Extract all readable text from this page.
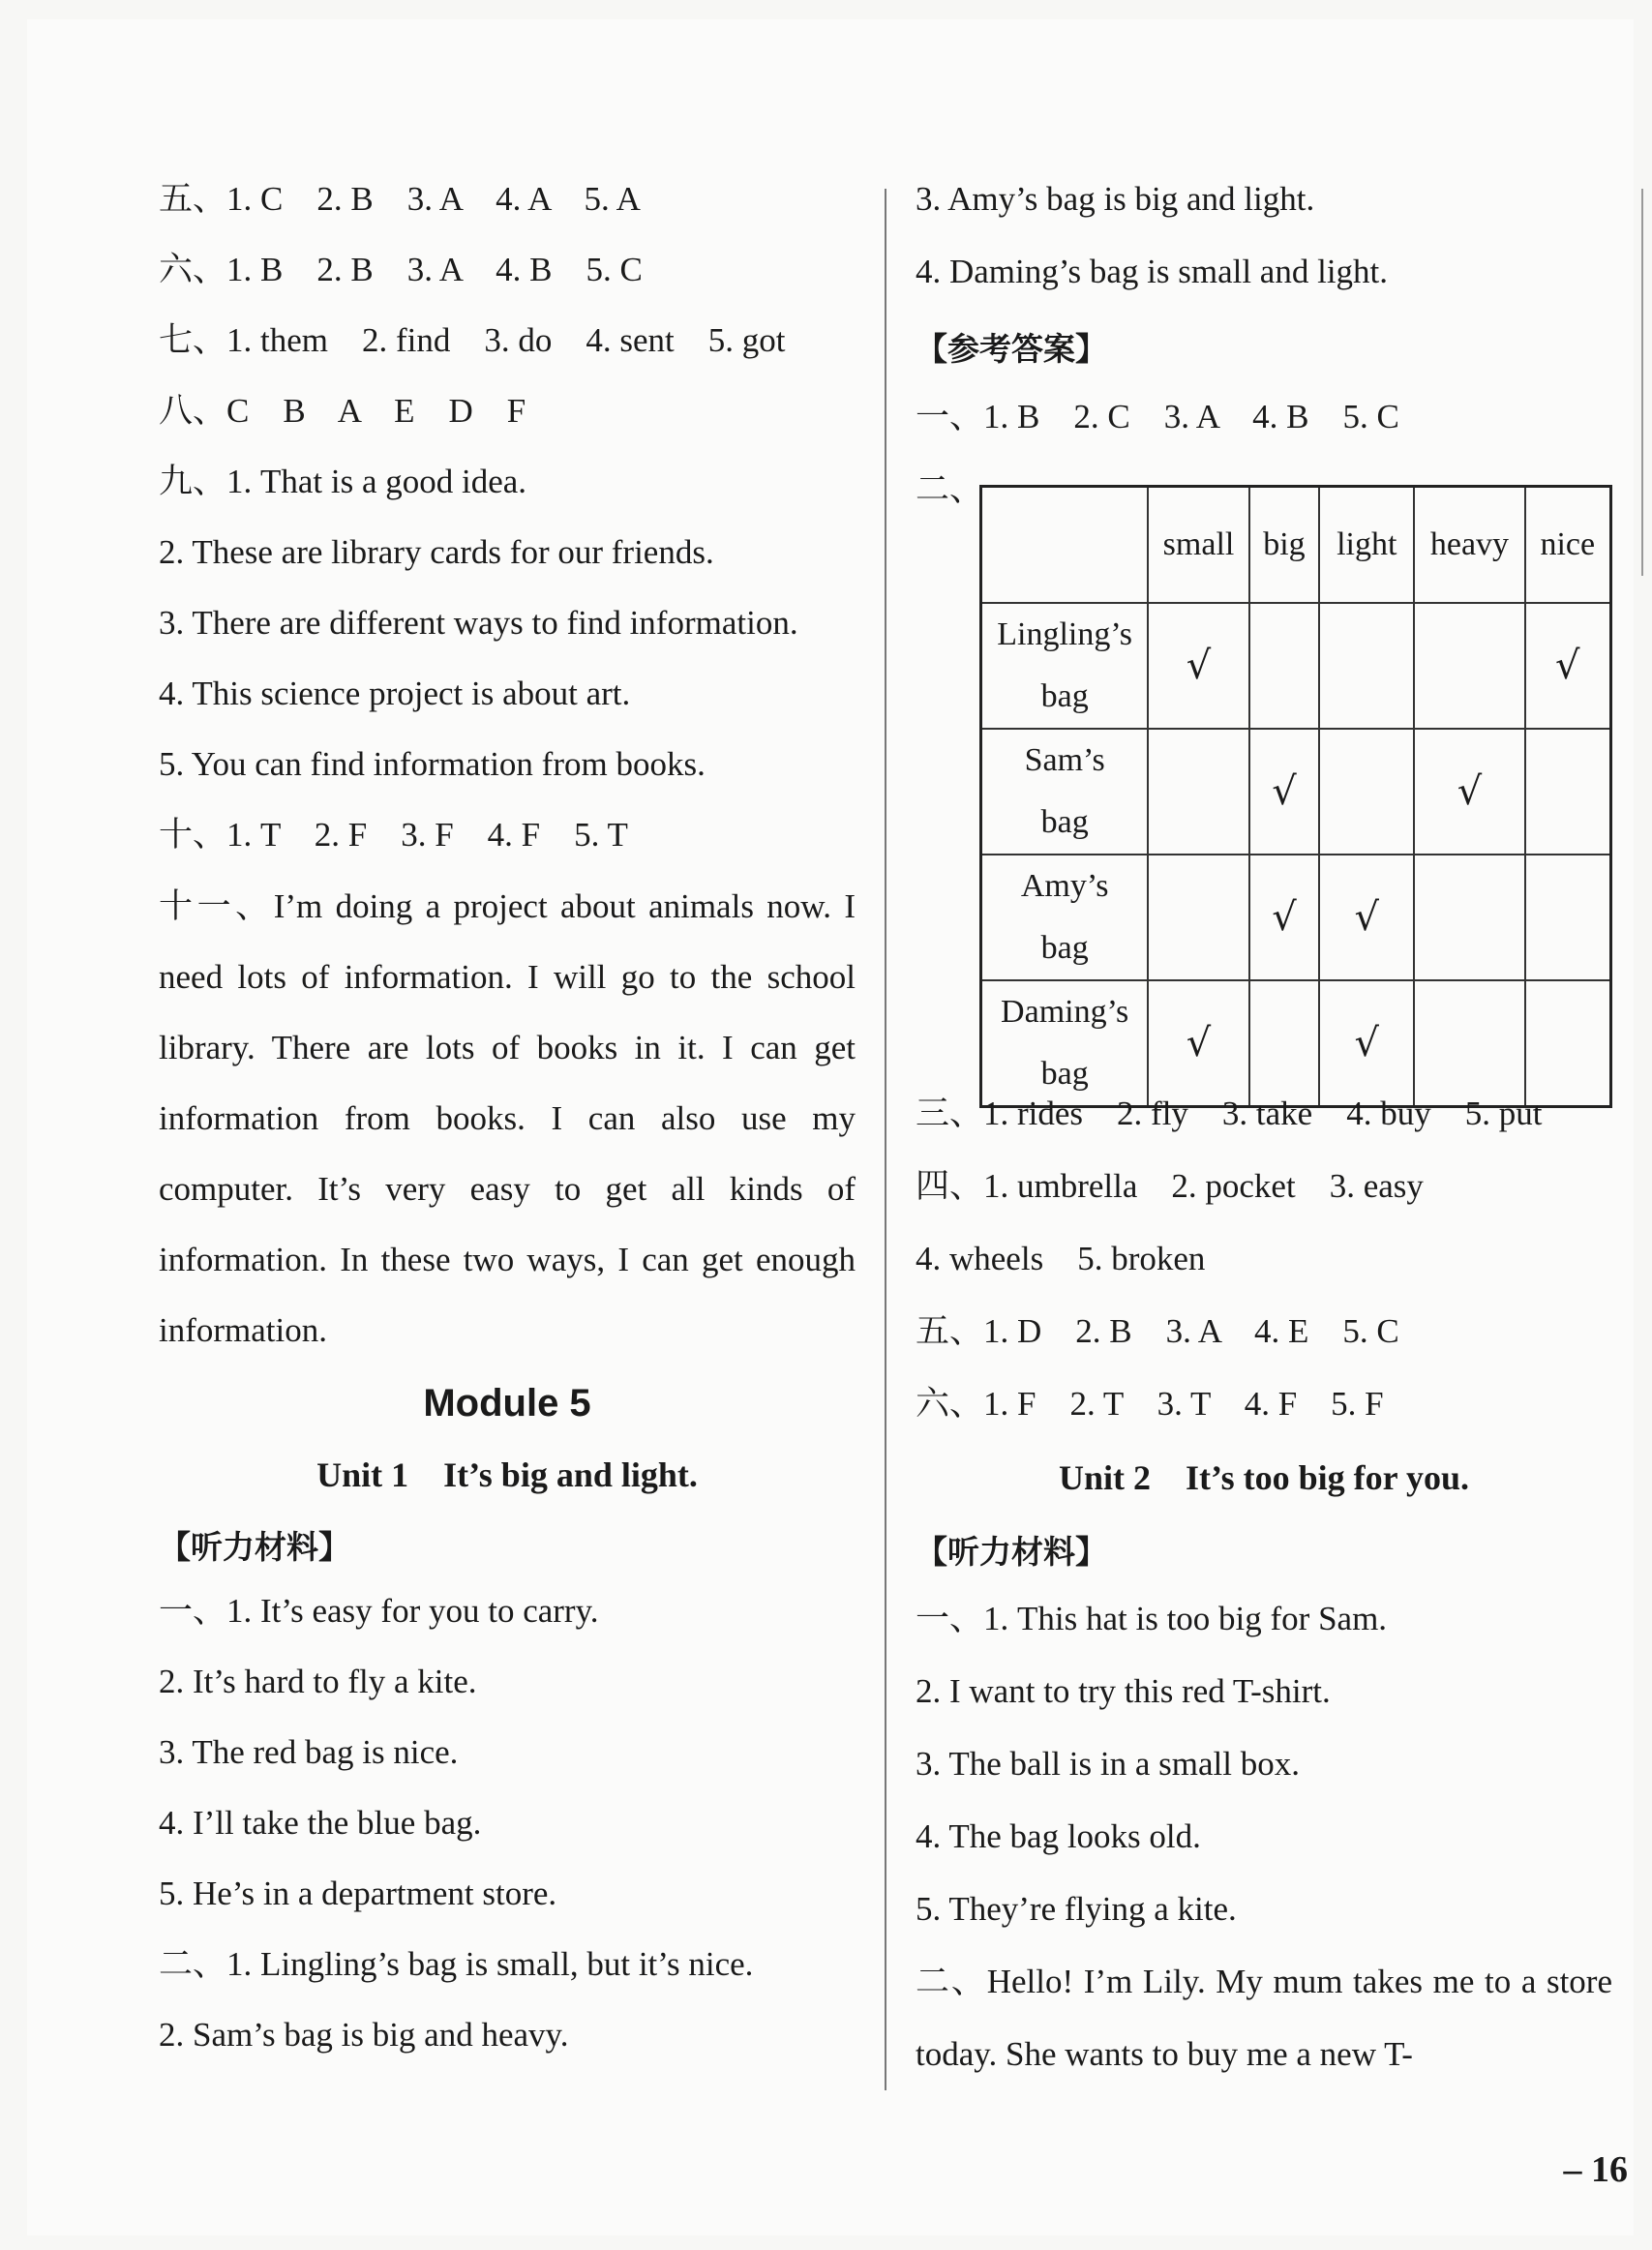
五、1. C    2. B    3. A    4. A    5. A
六、1. B    2. B    3. A    4. B    5. C
七、1. them    2. find    3. do    4. sent    5. got
八、C    B    A    E    D    F
九、1. That is a good idea.
2. These are library cards for our friends.
3. There are different ways to find information.
4. This science project is about art.
5. You can find information from books.
十、1. T    2. F    3. F    4. F    5. T
十一、I’m doing a project about animals now. I need lots of information. I will go to the school library. There are lots of books in it. I can get information from books. I can also use my computer. It’s very easy to get all kinds of information. In these two ways, I can get enough information.
Module 5
Unit 1    It’s big and light.
【听力材料】
一、1. It’s easy for you to carry.
2. It’s hard to fly a kite.
3. The red bag is nice.
4. I’ll take the blue bag.
5. He’s in a department store.
二、1. Lingling’s bag is small, but it’s nice.
2. Sam’s bag is big and heavy.
3. Amy’s bag is big and light.
4. Daming’s bag is small and light.
【参考答案】
一、1. B    2. C    3. A    4. B    5. C
二、
	small	big	light	heavy	nice
Lingling’s
bag	√				√
Sam’s
bag		√		√	
Amy’s
bag		√	√		
Daming’s
bag	√		√		
三、1. rides    2. fly    3. take    4. buy    5. put
四、1. umbrella    2. pocket    3. easy
4. wheels    5. broken
五、1. D    2. B    3. A    4. E    5. C
六、1. F    2. T    3. T    4. F    5. F
Unit 2    It’s too big for you.
【听力材料】
一、1. This hat is too big for Sam.
2. I want to try this red T-shirt.
3. The ball is in a small box.
4. The bag looks old.
5. They’re flying a kite.
二、Hello! I’m Lily. My mum takes me to a store today. She wants to buy me a new T-
– 16
